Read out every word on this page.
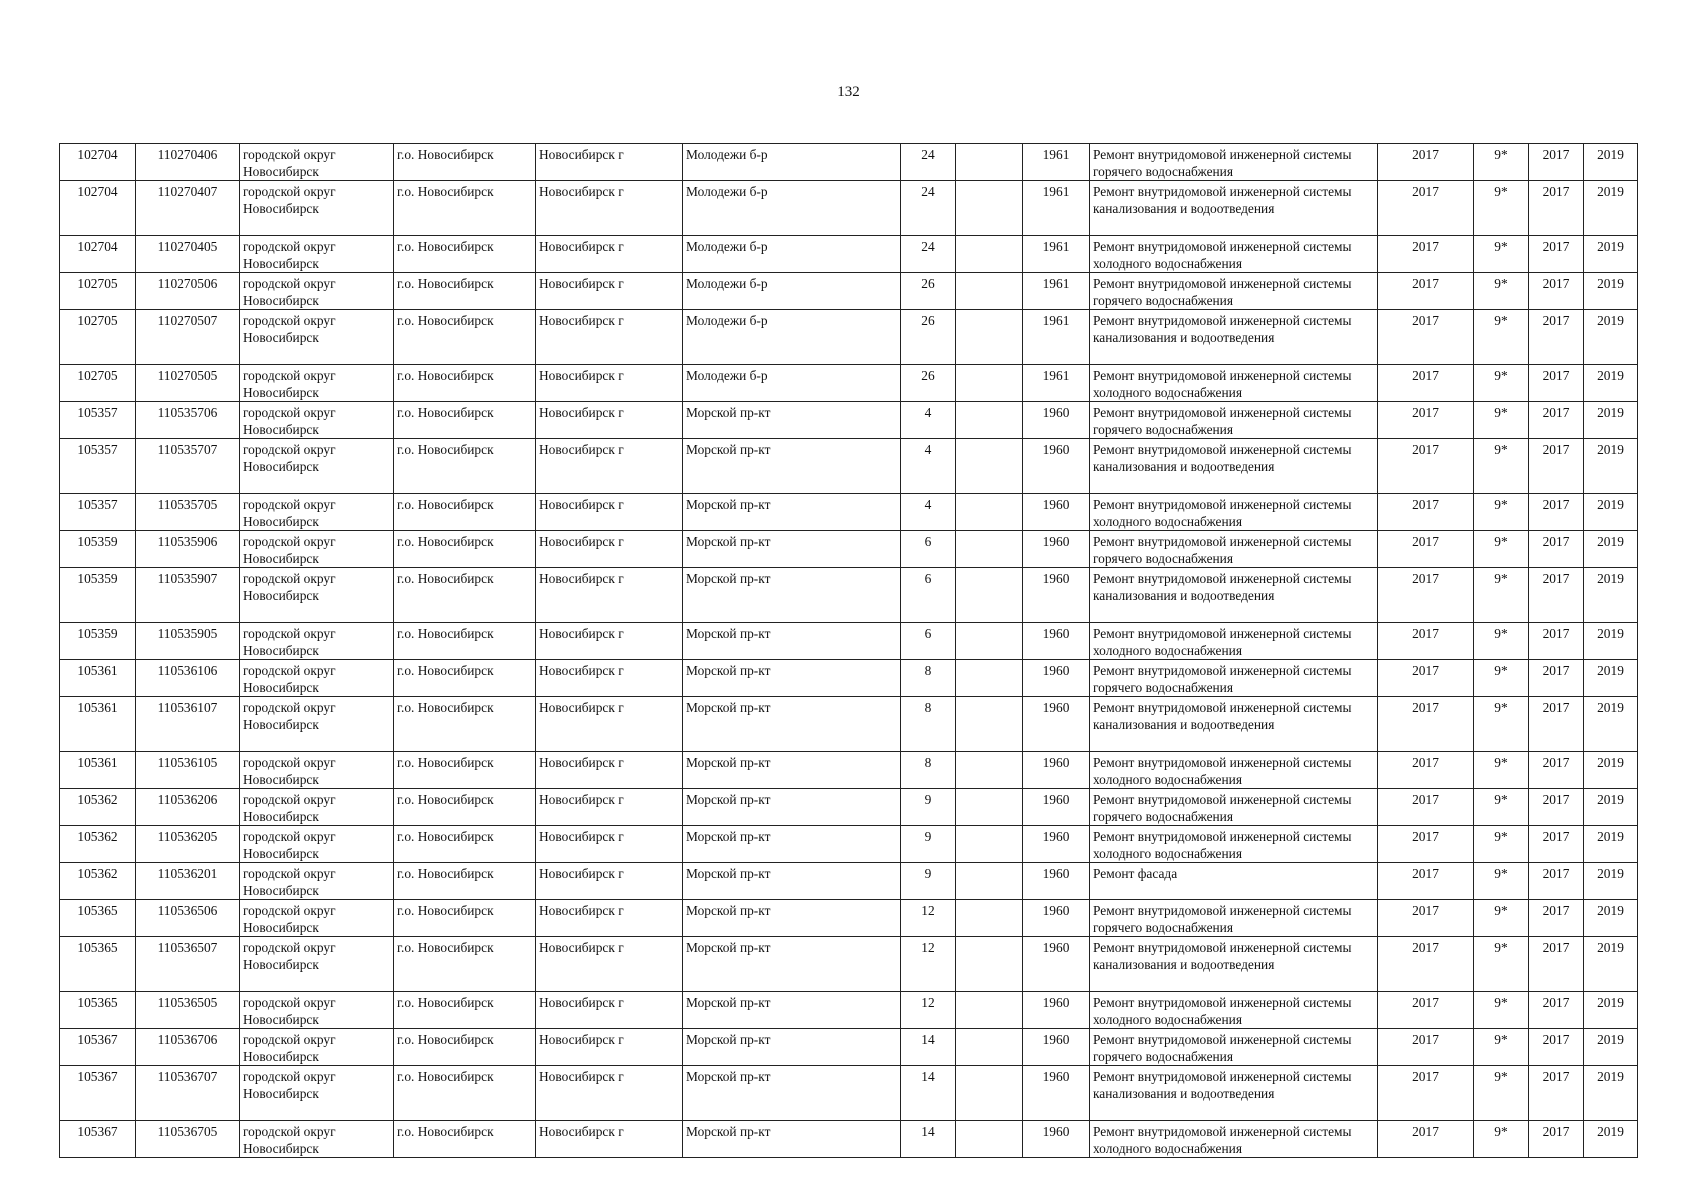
132
102704	110270406	городской округ Новосибирск	г.о. Новосибирск	Новосибирск г	Молодежи б-р	24		1961	Ремонт внутридомовой инженерной системы горячего водоснабжения	2017	9*	2017	2019
102704	110270407	городской округ Новосибирск	г.о. Новосибирск	Новосибирск г	Молодежи б-р	24		1961	Ремонт внутридомовой инженерной системы канализования и водоотведения	2017	9*	2017	2019
102704	110270405	городской округ Новосибирск	г.о. Новосибирск	Новосибирск г	Молодежи б-р	24		1961	Ремонт внутридомовой инженерной системы холодного водоснабжения	2017	9*	2017	2019
102705	110270506	городской округ Новосибирск	г.о. Новосибирск	Новосибирск г	Молодежи б-р	26		1961	Ремонт внутридомовой инженерной системы горячего водоснабжения	2017	9*	2017	2019
102705	110270507	городской округ Новосибирск	г.о. Новосибирск	Новосибирск г	Молодежи б-р	26		1961	Ремонт внутридомовой инженерной системы канализования и водоотведения	2017	9*	2017	2019
102705	110270505	городской округ Новосибирск	г.о. Новосибирск	Новосибирск г	Молодежи б-р	26		1961	Ремонт внутридомовой инженерной системы холодного водоснабжения	2017	9*	2017	2019
105357	110535706	городской округ Новосибирск	г.о. Новосибирск	Новосибирск г	Морской пр-кт	4		1960	Ремонт внутридомовой инженерной системы горячего водоснабжения	2017	9*	2017	2019
105357	110535707	городской округ Новосибирск	г.о. Новосибирск	Новосибирск г	Морской пр-кт	4		1960	Ремонт внутридомовой инженерной системы канализования и водоотведения	2017	9*	2017	2019
105357	110535705	городской округ Новосибирск	г.о. Новосибирск	Новосибирск г	Морской пр-кт	4		1960	Ремонт внутридомовой инженерной системы холодного водоснабжения	2017	9*	2017	2019
105359	110535906	городской округ Новосибирск	г.о. Новосибирск	Новосибирск г	Морской пр-кт	6		1960	Ремонт внутридомовой инженерной системы горячего водоснабжения	2017	9*	2017	2019
105359	110535907	городской округ Новосибирск	г.о. Новосибирск	Новосибирск г	Морской пр-кт	6		1960	Ремонт внутридомовой инженерной системы канализования и водоотведения	2017	9*	2017	2019
105359	110535905	городской округ Новосибирск	г.о. Новосибирск	Новосибирск г	Морской пр-кт	6		1960	Ремонт внутридомовой инженерной системы холодного водоснабжения	2017	9*	2017	2019
105361	110536106	городской округ Новосибирск	г.о. Новосибирск	Новосибирск г	Морской пр-кт	8		1960	Ремонт внутридомовой инженерной системы горячего водоснабжения	2017	9*	2017	2019
105361	110536107	городской округ Новосибирск	г.о. Новосибирск	Новосибирск г	Морской пр-кт	8		1960	Ремонт внутридомовой инженерной системы канализования и водоотведения	2017	9*	2017	2019
105361	110536105	городской округ Новосибирск	г.о. Новосибирск	Новосибирск г	Морской пр-кт	8		1960	Ремонт внутридомовой инженерной системы холодного водоснабжения	2017	9*	2017	2019
105362	110536206	городской округ Новосибирск	г.о. Новосибирск	Новосибирск г	Морской пр-кт	9		1960	Ремонт внутридомовой инженерной системы горячего водоснабжения	2017	9*	2017	2019
105362	110536205	городской округ Новосибирск	г.о. Новосибирск	Новосибирск г	Морской пр-кт	9		1960	Ремонт внутридомовой инженерной системы холодного водоснабжения	2017	9*	2017	2019
105362	110536201	городской округ Новосибирск	г.о. Новосибирск	Новосибирск г	Морской пр-кт	9		1960	Ремонт фасада	2017	9*	2017	2019
105365	110536506	городской округ Новосибирск	г.о. Новосибирск	Новосибирск г	Морской пр-кт	12		1960	Ремонт внутридомовой инженерной системы горячего водоснабжения	2017	9*	2017	2019
105365	110536507	городской округ Новосибирск	г.о. Новосибирск	Новосибирск г	Морской пр-кт	12		1960	Ремонт внутридомовой инженерной системы канализования и водоотведения	2017	9*	2017	2019
105365	110536505	городской округ Новосибирск	г.о. Новосибирск	Новосибирск г	Морской пр-кт	12		1960	Ремонт внутридомовой инженерной системы холодного водоснабжения	2017	9*	2017	2019
105367	110536706	городской округ Новосибирск	г.о. Новосибирск	Новосибирск г	Морской пр-кт	14		1960	Ремонт внутридомовой инженерной системы горячего водоснабжения	2017	9*	2017	2019
105367	110536707	городской округ Новосибирск	г.о. Новосибирск	Новосибирск г	Морской пр-кт	14		1960	Ремонт внутридомовой инженерной системы канализования и водоотведения	2017	9*	2017	2019
105367	110536705	городской округ Новосибирск	г.о. Новосибирск	Новосибирск г	Морской пр-кт	14		1960	Ремонт внутридомовой инженерной системы холодного водоснабжения	2017	9*	2017	2019
